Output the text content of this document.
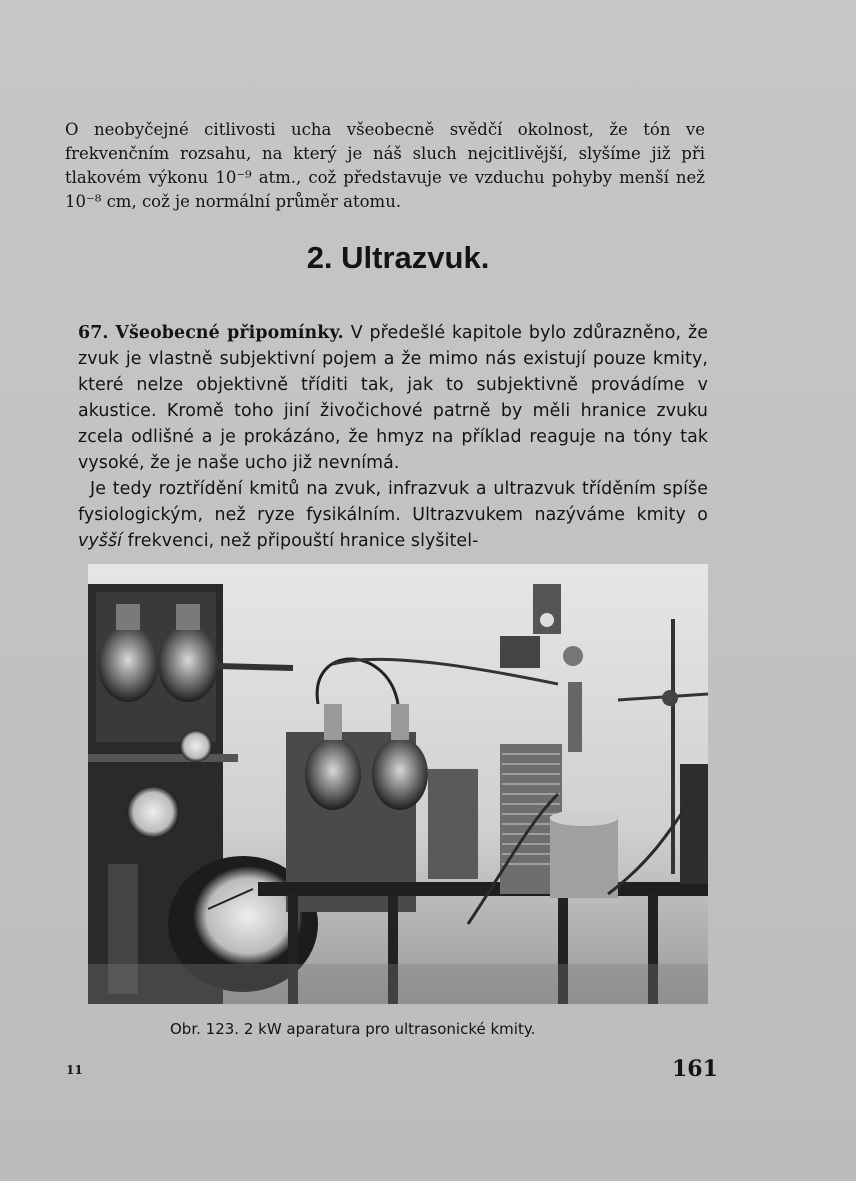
O neobyčejné citlivosti ucha všeobecně svědčí okolnost, že tón ve frekvenčním rozsahu, na který je náš sluch nejcitlivější, slyšíme již při tlakovém výkonu 10⁻⁹ atm., což představuje ve vzduchu pohyby menší než 10⁻⁸ cm, což je normální průměr atomu.

2. Ultrazvuk.

67. Všeobecné připomínky. V předešlé kapitole bylo zdůrazněno, že zvuk je vlastně subjektivní pojem a že mimo nás existují pouze kmity, které nelze objektivně tříditi tak, jak to subjektivně provádíme v akustice. Kromě toho jiní živočichové patrně by měli hranice zvuku zcela odlišné a je prokázáno, že hmyz na příklad reaguje na tóny tak vysoké, že je naše ucho již nevnímá.

Je tedy roztřídění kmitů na zvuk, infrazvuk a ultrazvuk tříděním spíše fysiologickým, než ryze fysikálním. Ultrazvukem nazýváme kmity o vyšší frekvenci, než připouští hranice slyšitel-

Obr. 123. 2 kW aparatura pro ultrasonické kmity.
11	161
